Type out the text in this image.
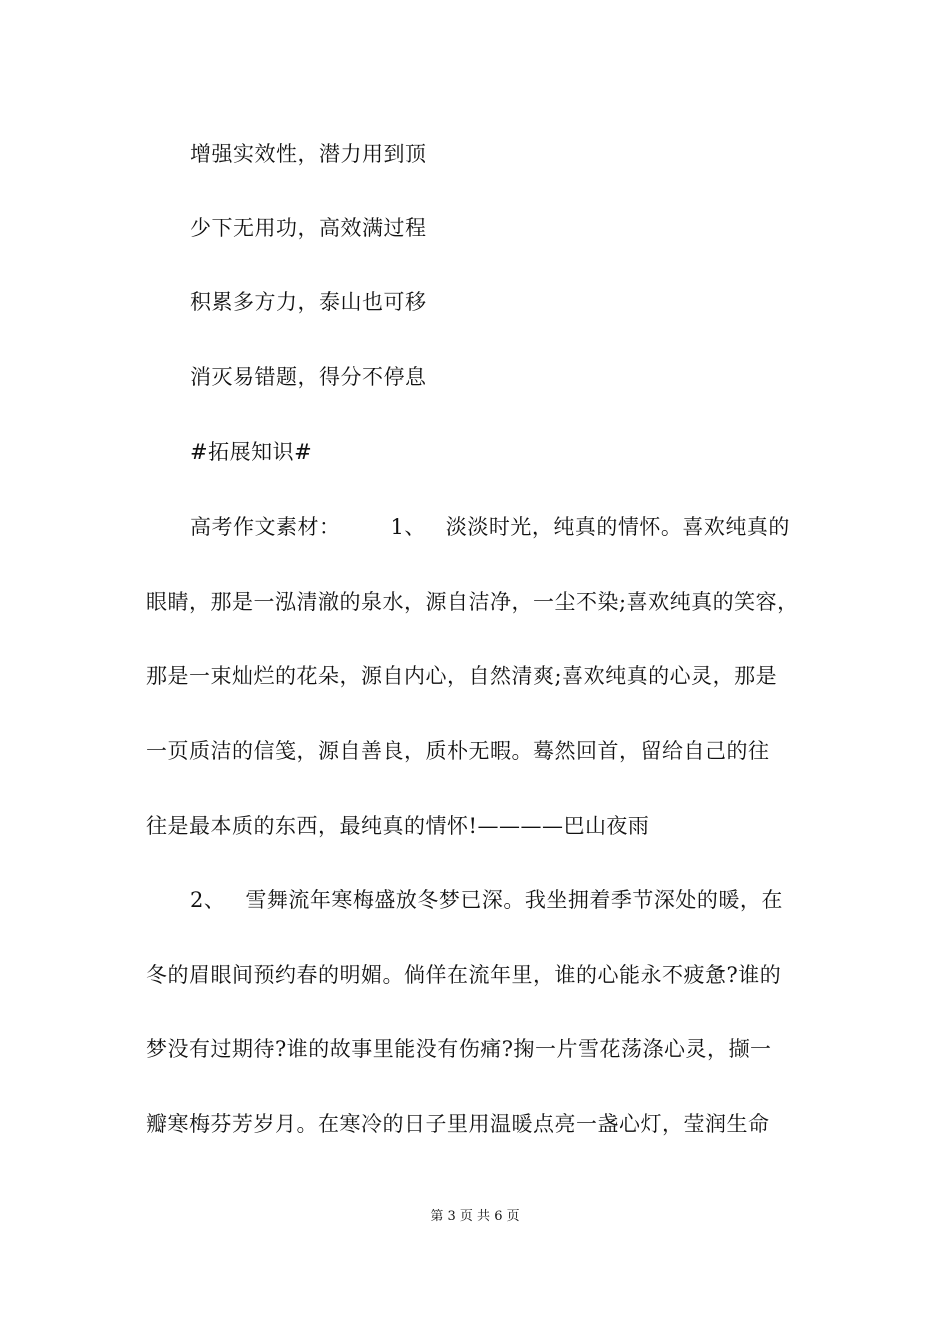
增强实效性，潜力用到顶
少下无用功，高效满过程
积累多方力，泰山也可移
消灭易错题，得分不停息
#拓展知识#
高考作文素材： 1、 淡淡时光，纯真的情怀。喜欢纯真的
眼睛，那是一泓清澈的泉水，源自洁净，一尘不染;喜欢纯真的笑容，
那是一束灿烂的花朵，源自内心，自然清爽;喜欢纯真的心灵，那是
一页质洁的信笺，源自善良，质朴无暇。蓦然回首，留给自己的往
往是最本质的东西，最纯真的情怀!————巴山夜雨
2、 雪舞流年寒梅盛放冬梦已深。我坐拥着季节深处的暖，在
冬的眉眼间预约春的明媚。倘佯在流年里，谁的心能永不疲惫?谁的
梦没有过期待?谁的故事里能没有伤痛?掬一片雪花荡涤心灵，撷一
瓣寒梅芬芳岁月。在寒冷的日子里用温暖点亮一盏心灯，莹润生命
第 3 页 共 6 页
